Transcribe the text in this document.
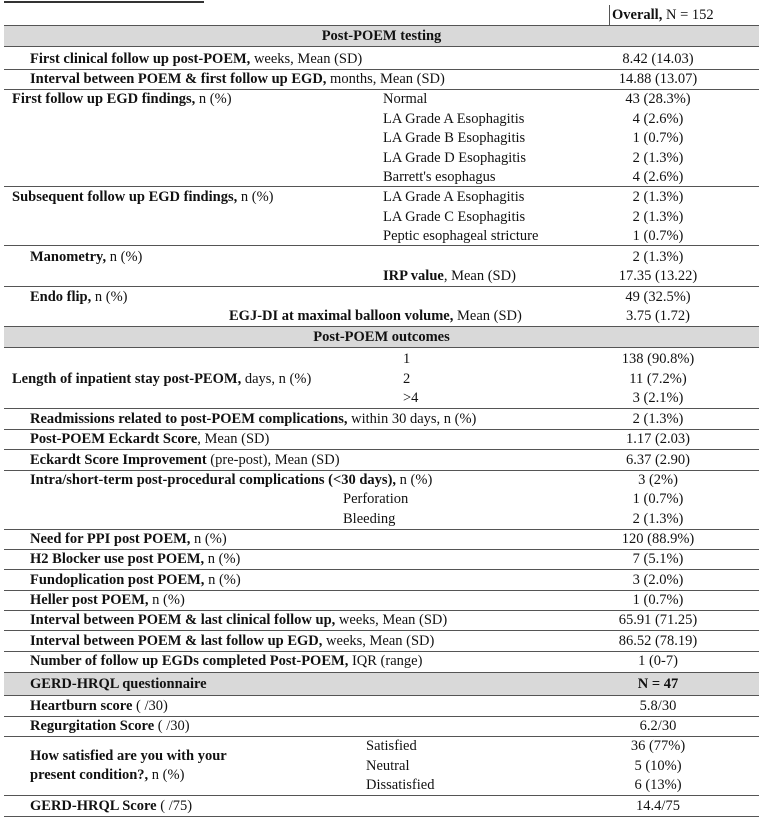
Overall, N = 152
Post-POEM testing
First clinical follow up post-POEM, weeks, Mean (SD)	8.42 (14.03)
Interval between POEM & first follow up EGD, months, Mean (SD)	14.88 (13.07)
First follow up EGD findings, n (%)	Normal	43 (28.3%)
LA Grade A Esophagitis	4 (2.6%)
LA Grade B Esophagitis	1 (0.7%)
LA Grade D Esophagitis	2 (1.3%)
Barrett's esophagus	4 (2.6%)
Subsequent follow up EGD findings, n (%)	LA Grade A Esophagitis	2 (1.3%)
LA Grade C Esophagitis	2 (1.3%)
Peptic esophageal stricture	1 (0.7%)
Manometry, n (%)	2 (1.3%)
IRP value, Mean (SD)	17.35 (13.22)
Endo flip, n (%)	49 (32.5%)
EGJ-DI at maximal balloon volume, Mean (SD)	3.75 (1.72)
Post-POEM outcomes
Length of inpatient stay post-PEOM, days, n (%)
1	138 (90.8%)
2	11 (7.2%)
>4	3 (2.1%)
Readmissions related to post-POEM complications, within 30 days, n (%)	2 (1.3%)
Post-POEM Eckardt Score, Mean (SD)	1.17 (2.03)
Eckardt Score Improvement (pre-post), Mean (SD)	6.37 (2.90)
Intra/short-term post-procedural complications (<30 days), n (%)	3 (2%)
Perforation	1 (0.7%)
Bleeding	2 (1.3%)
Need for PPI post POEM, n (%)	120 (88.9%)
H2 Blocker use post POEM, n (%)	7 (5.1%)
Fundoplication post POEM, n (%)	3 (2.0%)
Heller post POEM, n (%)	1 (0.7%)
Interval between POEM & last clinical follow up, weeks, Mean (SD)	65.91 (71.25)
Interval between POEM & last follow up EGD, weeks, Mean (SD)	86.52 (78.19)
Number of follow up EGDs completed Post-POEM, IQR (range)	1 (0-7)
GERD-HRQL questionnaire	N = 47
Heartburn score ( /30)	5.8/30
Regurgitation Score ( /30)	6.2/30
How satisfied are you with your
present condition?, n (%)
Satisfied	36 (77%)
Neutral	5 (10%)
Dissatisfied	6 (13%)
GERD-HRQL Score ( /75)	14.4/75
